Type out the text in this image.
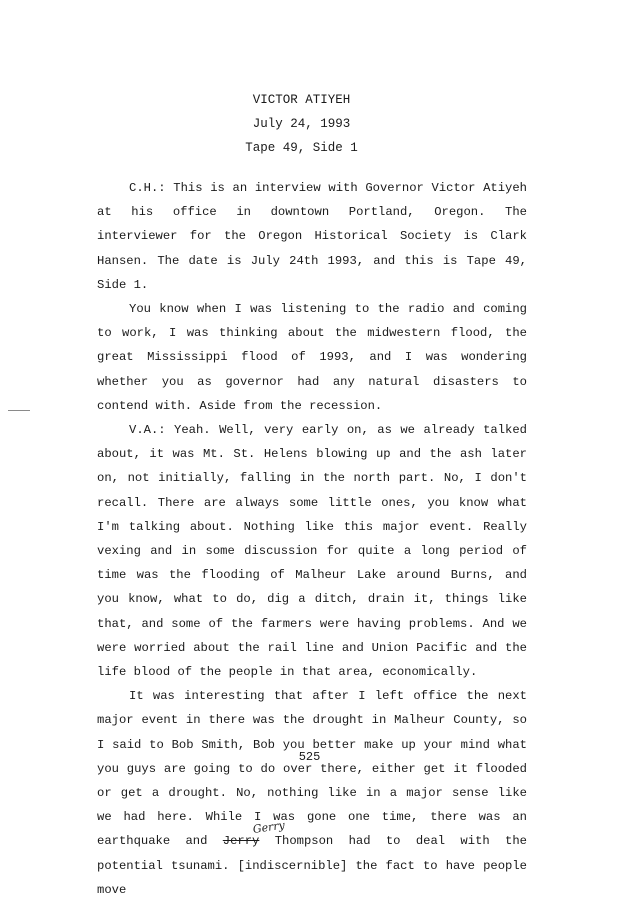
VICTOR ATIYEH
July 24, 1993
Tape 49, Side 1

C.H.: This is an interview with Governor Victor Atiyeh at his office in downtown Portland, Oregon. The interviewer for the Oregon Historical Society is Clark Hansen. The date is July 24th 1993, and this is Tape 49, Side 1.

You know when I was listening to the radio and coming to work, I was thinking about the midwestern flood, the great Mississippi flood of 1993, and I was wondering whether you as governor had any natural disasters to contend with. Aside from the recession.

V.A.: Yeah. Well, very early on, as we already talked about, it was Mt. St. Helens blowing up and the ash later on, not initially, falling in the north part. No, I don't recall. There are always some little ones, you know what I'm talking about. Nothing like this major event. Really vexing and in some discussion for quite a long period of time was the flooding of Malheur Lake around Burns, and you know, what to do, dig a ditch, drain it, things like that, and some of the farmers were having problems. And we were worried about the rail line and Union Pacific and the life blood of the people in that area, economically.

It was interesting that after I left office the next major event in there was the drought in Malheur County, so I said to Bob Smith, Bob you better make up your mind what you guys are going to do over there, either get it flooded or get a drought. No, nothing like in a major sense like we had here. While I was gone one time, there was an earthquake and Jerry
Gerry
Thompson had to deal with the potential tsunami. [indiscernible] the fact to have people move

525
